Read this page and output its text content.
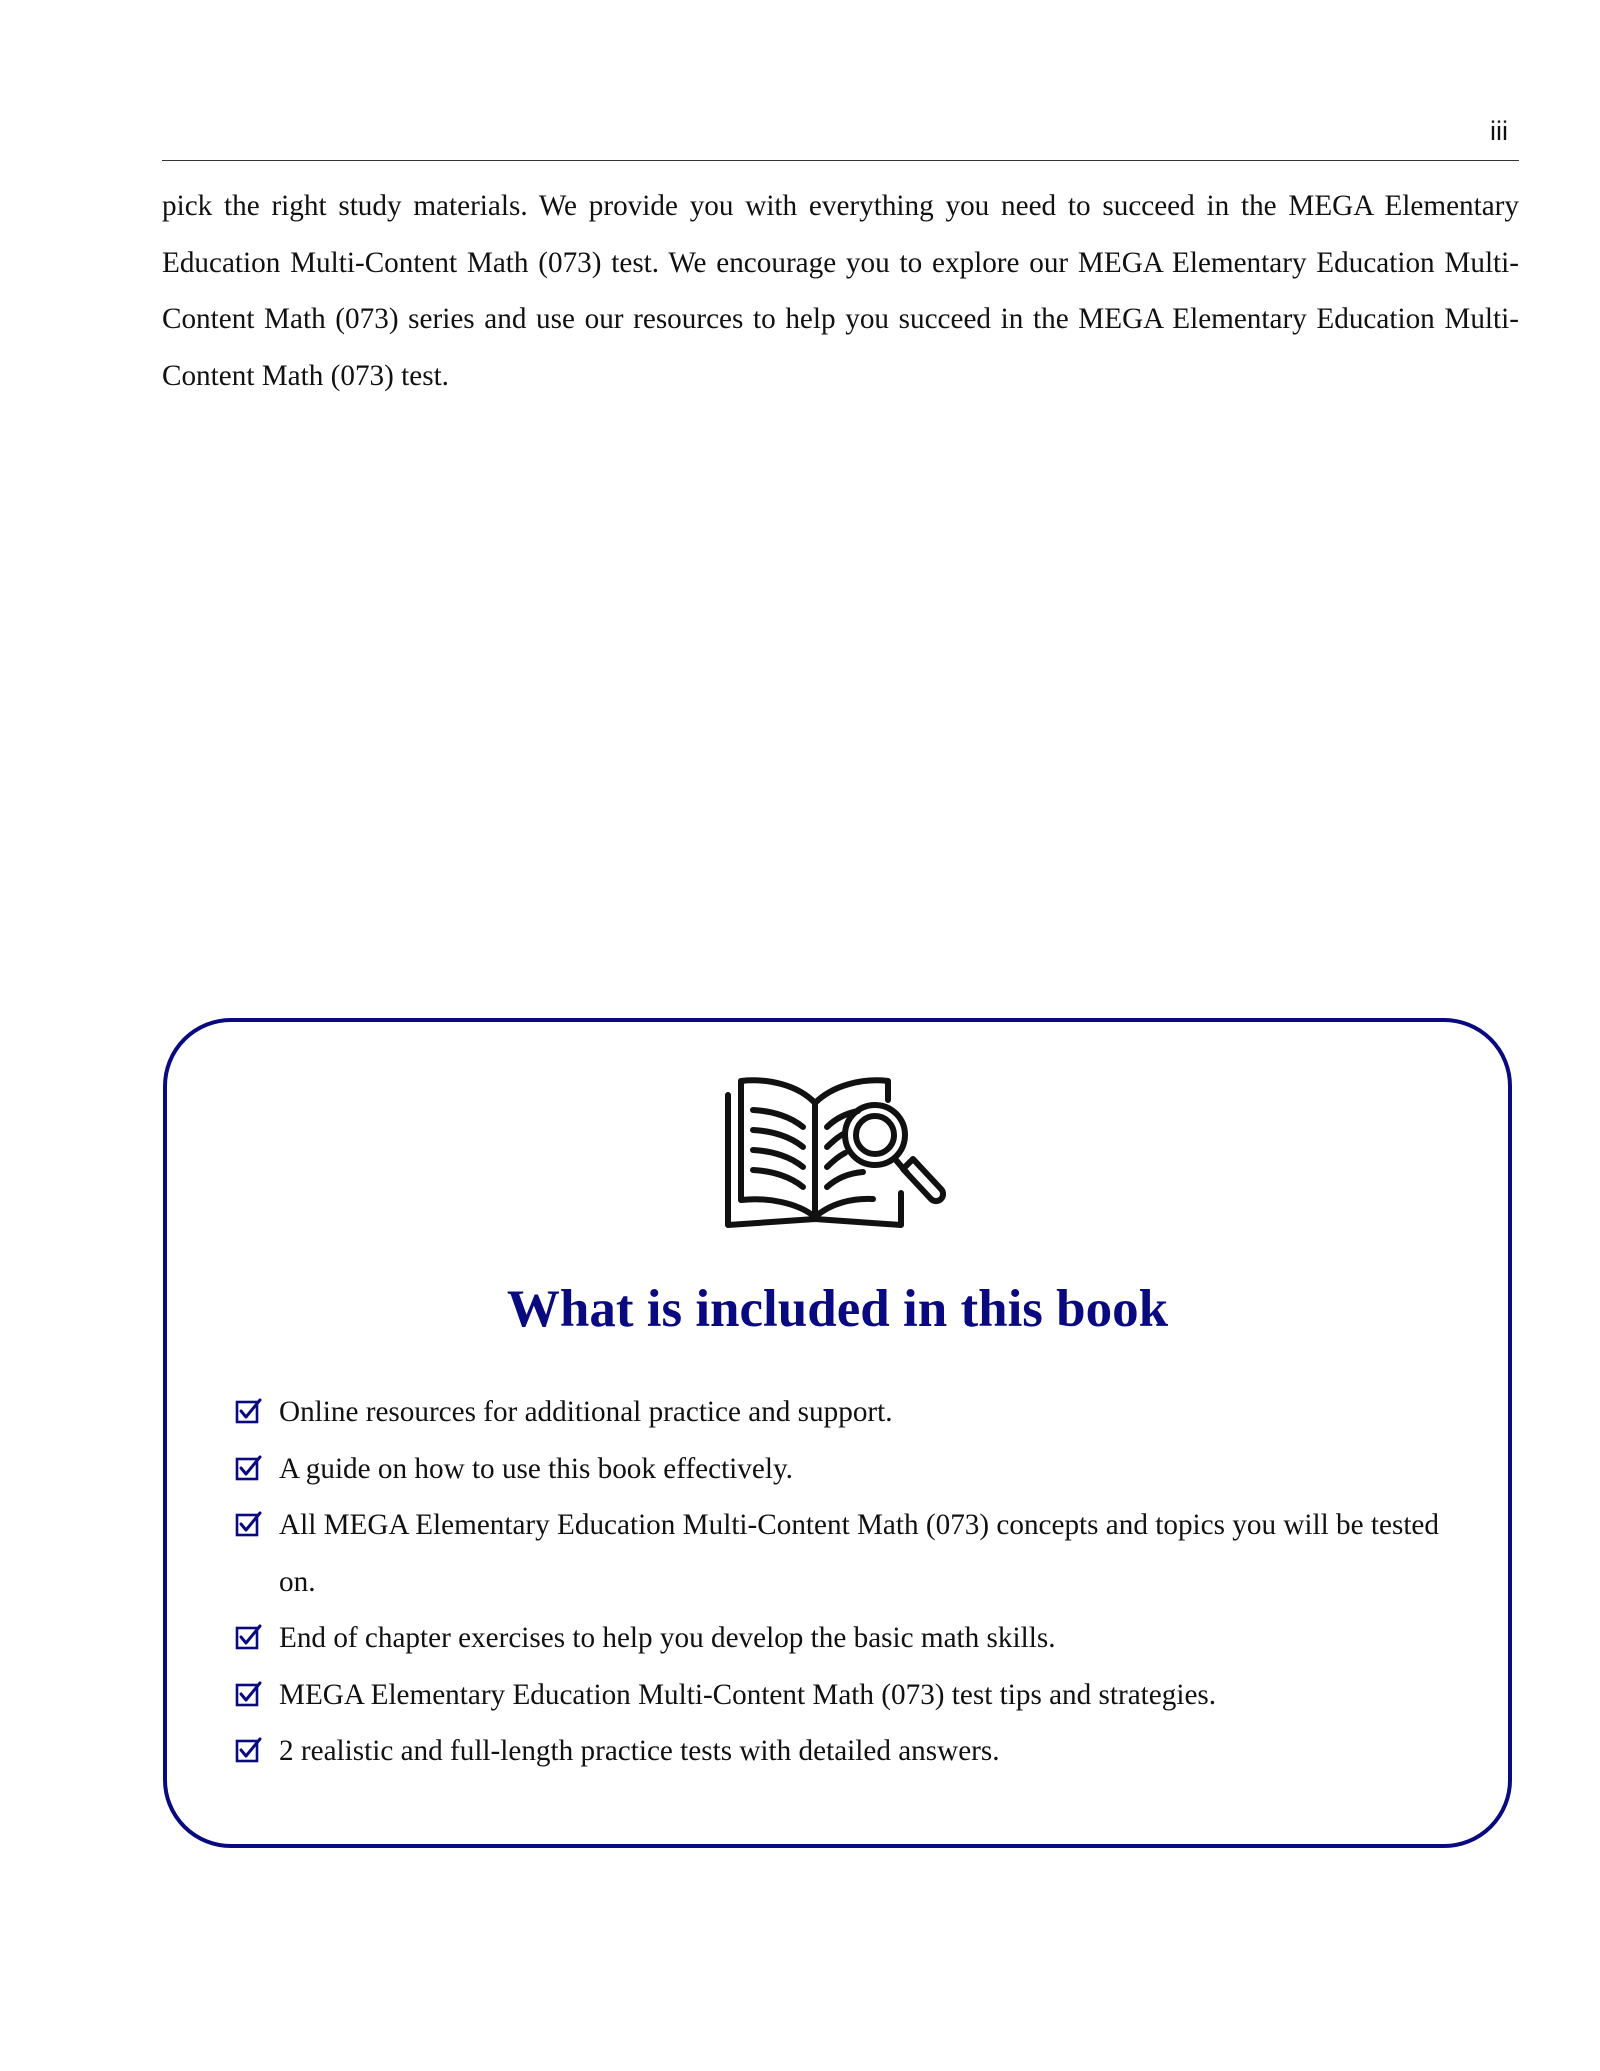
iii

pick the right study materials. We provide you with everything you need to succeed in the MEGA Elementary Education Multi-Content Math (073) test. We encourage you to explore our MEGA Elementary Education Multi-Content Math (073) series and use our resources to help you succeed in the MEGA Elementary Education Multi-Content Math (073) test.

What is included in this book
Online resources for additional practice and support.
A guide on how to use this book effectively.
All MEGA Elementary Education Multi-Content Math (073) concepts and topics you will be tested on.
End of chapter exercises to help you develop the basic math skills.
MEGA Elementary Education Multi-Content Math (073) test tips and strategies.
2 realistic and full-length practice tests with detailed answers.
